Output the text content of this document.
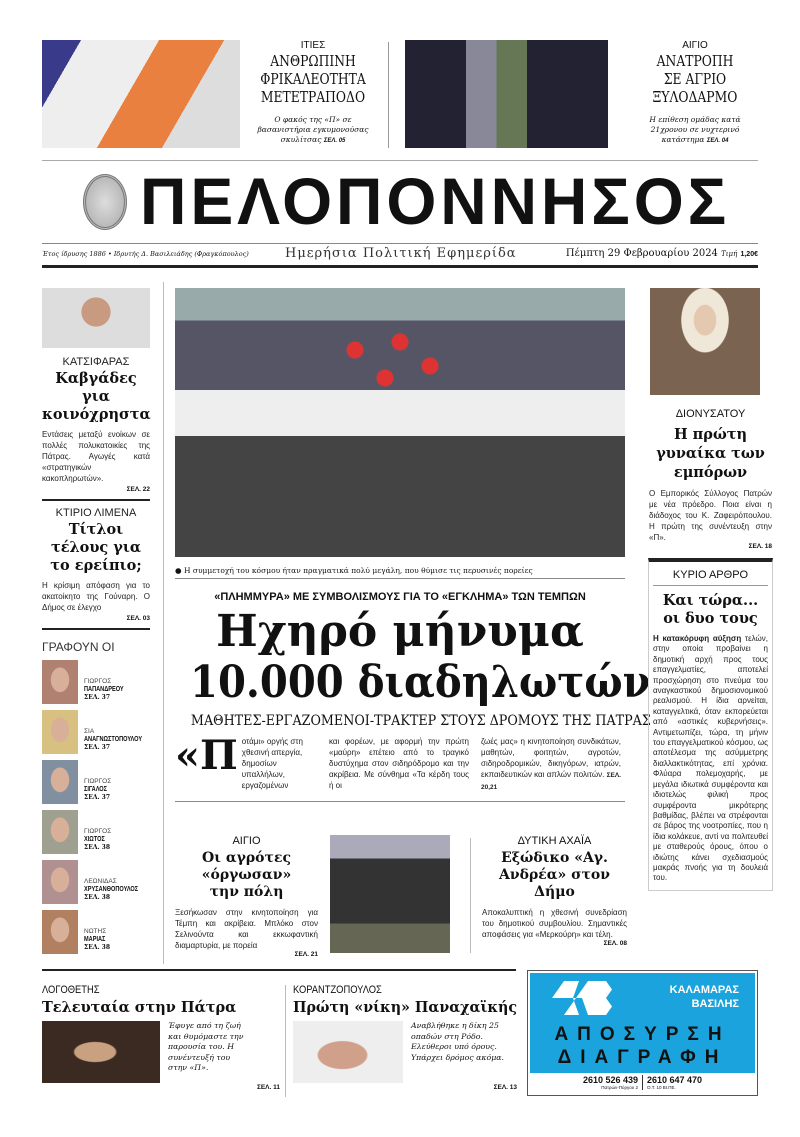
ΙΤΙΕΣ
ΑΝΘΡΩΠΙΝΗ
ΦΡΙΚΑΛΕΟΤΗΤΑ
ΜΕΤΕΤΡΑΠΟΔΟ
Ο φακός της «Π» σε βασανιστήρια εγκυμονούσας σκυλίτσας ΣΕΛ. 05
ΑΙΓΙΟ
ΑΝΑΤΡΟΠΗ
ΣΕ ΑΓΡΙΟ
ΞΥΛΟΔΑΡΜΟ
Η επίθεση ομάδας κατά 21χρονου σε νυχτερινό κατάστημα ΣΕΛ. 04
ΠΕΛΟΠΟΝΝΗΣΟΣ
Έτος ίδρυσης 1886 • Ιδρυτής Δ. Βασιλειάδης (Φραγκόπουλος)	Ημερήσια Πολιτική Εφημερίδα	Πέμπτη 29 Φεβρουαρίου 2024 Τιμή 1,20€
ΚΑΤΣΙΦΑΡΑΣ
Καβγάδες για κοινόχρηστα
Εντάσεις μεταξύ ενοίκων σε πολλές πολυκατοικίες της Πάτρας. Αγωγές κατά «στρατηγικών κακοπληρωτών».
ΣΕΛ. 22
ΚΤΙΡΙΟ ΛΙΜΕΝΑ
Τίτλοι τέλους για το ερείπιο;
Η κρίσιμη απόφαση για το ακατοίκητο της Γούναρη. Ο Δήμος σε έλεγχο
ΣΕΛ. 03
ΓΡΑΦΟΥΝ ΟΙ
ΓΙΩΡΓΟΣ
ΠΑΠΑΝΔΡΕΟΥ
ΣΕΛ. 37
ΣΙΑ
ΑΝΑΓΝΩΣΤΟΠΟΥΛΟΥ
ΣΕΛ. 37
ΓΙΩΡΓΟΣ
ΣΙΓΑΛΟΣ
ΣΕΛ. 37
ΓΙΩΡΓΟΣ
ΧΙΩΤΟΣ
ΣΕΛ. 38
ΛΕΩΝΙΔΑΣ
ΧΡΥΣΑΝΘΟΠΟΥΛΟΣ
ΣΕΛ. 38
ΝΩΤΗΣ
ΜΑΡΙΑΣ
ΣΕΛ. 38
● Η συμμετοχή του κόσμου ήταν πραγματικά πολύ μεγάλη, που θύμισε τις περυσινές πορείες
«ΠΛΗΜΜΥΡΑ» ΜΕ ΣΥΜΒΟΛΙΣΜΟΥΣ ΓΙΑ ΤΟ «ΕΓΚΛΗΜΑ» ΤΩΝ ΤΕΜΠΩΝ
Ηχηρό μήνυμα
10.000 διαδηλωτών
ΜΑΘΗΤΕΣ-ΕΡΓΑΖΟΜΕΝΟΙ-ΤΡΑΚΤΕΡ ΣΤΟΥΣ ΔΡΟΜΟΥΣ ΤΗΣ ΠΑΤΡΑΣ
«Π οτάμι» οργής στη χθεσινή απεργία, δημοσίων υπαλλήλων, εργαζομένων
και φορέων, με αφορμή την πρώτη «μαύρη» επέτειο από το τραγικό δυστύχημα στον σιδηρόδρομο και την ακρίβεια. Με σύνθημα «Τα κέρδη τους ή οι
ζωές μας» η κινητοποίηση συνδικάτων, μαθητών, φοιτητών, αγροτών, σιδηροδρομικών, δικηγόρων, ιατρών, εκπαιδευτικών και απλών πολιτών. ΣΕΛ. 20,21
ΑΙΓΙΟ
Οι αγρότες «όργωσαν» την πόλη
Ξεσήκωσαν στην κινητοποίηση για Τέμπη και ακρίβεια. Μπλόκο στον Σελινούντα και εκκωφαντική διαμαρτυρία, με πορεία
ΣΕΛ. 21
ΔΥΤΙΚΗ ΑΧΑΪΑ
Εξώδικο «Αγ. Ανδρέα» στον Δήμο
Αποκαλυπτική η χθεσινή συνεδρίαση του δημοτικού συμβουλίου. Σημαντικές αποφάσεις για «Μερκούρη» και τέλη.
ΣΕΛ. 08
ΔΙΟΝΥΣΑΤΟΥ
Η πρώτη γυναίκα των εμπόρων
Ο Εμπορικός Σύλλογος Πατρών με νέα πρόεδρο. Ποια είναι η διάδοχος του Κ. Ζαφειρόπουλου. Η πρώτη της συνέντευξη στην «Π».
ΣΕΛ. 18
ΚΥΡΙΟ ΑΡΘΡΟ
Και τώρα... οι δυο τους
Η κατακόρυφη αύξηση τελών, στην οποία προβαίνει η δημοτική αρχή προς τους επαγγελματίες, αποτελεί προσχώρηση στο πνεύμα του αναγκαστικού δημοσιονομικού ρεαλισμού. Η ίδια αρνείται, καταγγελτικά, όταν εκπορεύεται από «αστικές κυβερνήσεις». Αντιμετωπίζει, τώρα, τη μήνιν του επαγγελματικού κόσμου, ως αποτέλεσμα της ασύμμετρης διαλλακτικότητας, επί χρόνια. Φλύαρα πολεμοχαρής, με μεγάλα ιδιωτικά συμφέροντα και ιδιοτελώς φιλική προς συμφέροντα μικρότερης βαθμίδας, βλέπει να στρέφονται σε βάρος της νοοτροπίες, που η ίδια κολάκευε, αντί να πολιτευθεί με σταθερούς όρους, όπου ο ιδιώτης κάνει σχεδιασμούς μακράς πνοής για τη δουλειά του.
ΛΟΓΟΘΕΤΗΣ
Τελευταία στην Πάτρα
Έφυγε από τη ζωή και θυμόμαστε την παρουσία του. Η συνέντευξή του στην «Π».
ΣΕΛ. 11
ΚΟΡΑΝΤΖΟΠΟΥΛΟΣ
Πρώτη «νίκη» Παναχαϊκής
Αναβλήθηκε η δίκη 25 οπαδών στη Ρόδο. Ελεύθεροι υπό όρους. Υπάρχει δρόμος ακόμα.
ΣΕΛ. 13
ΚΑΛΑΜΑΡΑΣ
ΒΑΣΙΛΗΣ
ΑΠΟΣΥΡΣΗ
ΔΙΑΓΡΑΦΗ
2610 526 439
Πατρών-Πύργου 2
2610 647 470
Ο.Τ. 10 ΒΙ.ΠΕ.
